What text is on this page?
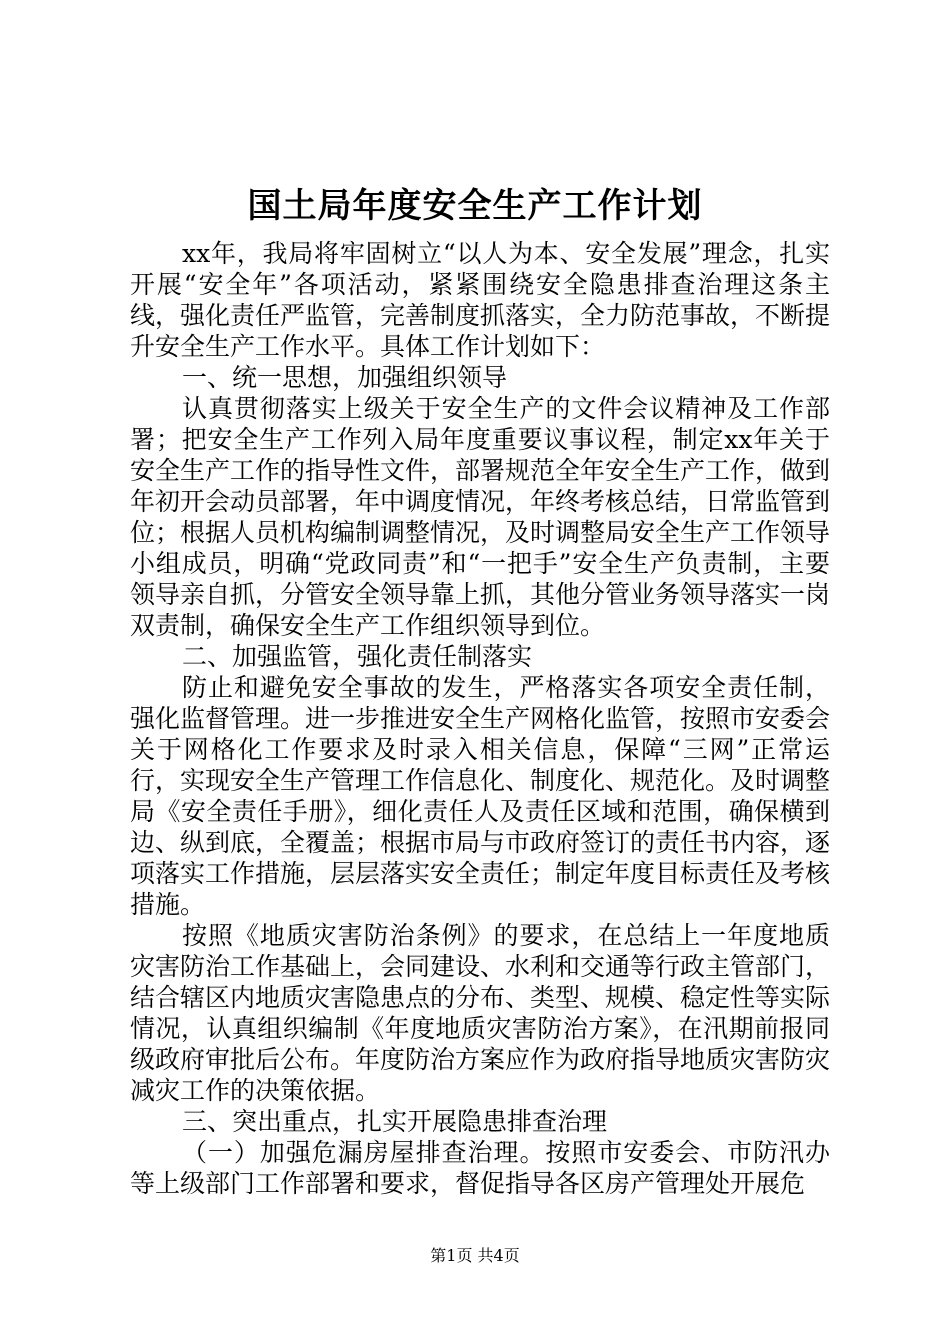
国土局年度安全生产工作计划

xx年，我局将牢固树立“以人为本、安全发展”理念，扎实开展“安全年”各项活动，紧紧围绕安全隐患排查治理这条主线，强化责任严监管，完善制度抓落实，全力防范事故，不断提升安全生产工作水平。具体工作计划如下：

一、统一思想，加强组织领导

认真贯彻落实上级关于安全生产的文件会议精神及工作部署；把安全生产工作列入局年度重要议事议程，制定xx年关于安全生产工作的指导性文件，部署规范全年安全生产工作，做到年初开会动员部署，年中调度情况，年终考核总结，日常监管到位；根据人员机构编制调整情况，及时调整局安全生产工作领导小组成员，明确“党政同责”和“一把手”安全生产负责制，主要领导亲自抓，分管安全领导靠上抓，其他分管业务领导落实一岗双责制，确保安全生产工作组织领导到位。

二、加强监管，强化责任制落实

防止和避免安全事故的发生，严格落实各项安全责任制，强化监督管理。进一步推进安全生产网格化监管，按照市安委会关于网格化工作要求及时录入相关信息，保障“三网”正常运行，实现安全生产管理工作信息化、制度化、规范化。及时调整局《安全责任手册》，细化责任人及责任区域和范围，确保横到边、纵到底，全覆盖；根据市局与市政府签订的责任书内容，逐项落实工作措施，层层落实安全责任；制定年度目标责任及考核措施。

按照《地质灾害防治条例》的要求，在总结上一年度地质灾害防治工作基础上，会同建设、水利和交通等行政主管部门，结合辖区内地质灾害隐患点的分布、类型、规模、稳定性等实际情况，认真组织编制《年度地质灾害防治方案》，在汛期前报同级政府审批后公布。年度防治方案应作为政府指导地质灾害防灾减灾工作的决策依据。

三、突出重点，扎实开展隐患排查治理

（一）加强危漏房屋排查治理。按照市安委会、市防汛办等上级部门工作部署和要求，督促指导各区房产管理处开展危

第1页 共4页
